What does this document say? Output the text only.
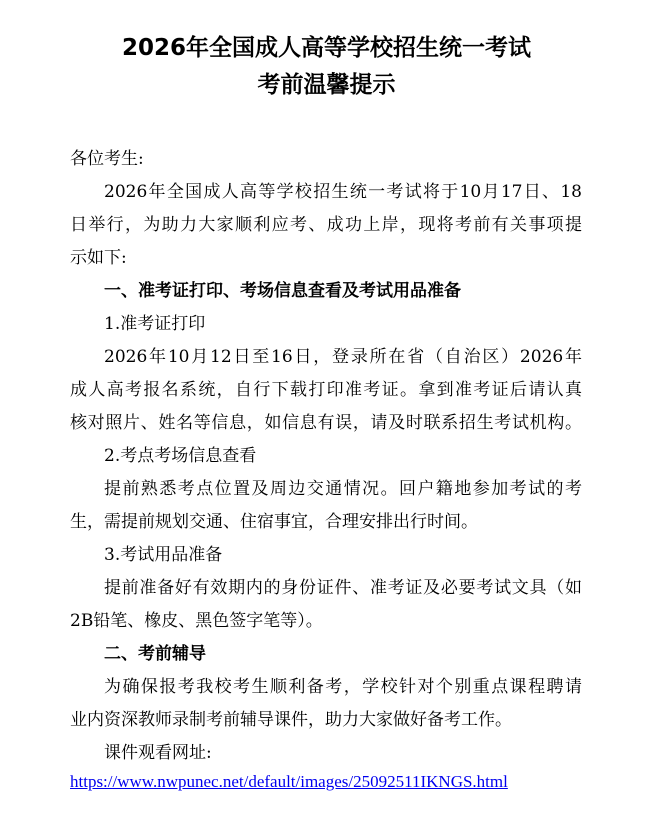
2026年全国成人高等学校招生统一考试
考前温馨提示
各位考生:
2026年全国成人高等学校招生统一考试将于10月17日、18
日举行，为助力大家顺利应考、成功上岸，现将考前有关事项提
示如下:
一、准考证打印、考场信息查看及考试用品准备
1.准考证打印
2026年10月12日至16日，登录所在省（自治区）2026年
成人高考报名系统，自行下载打印准考证。拿到准考证后请认真
核对照片、姓名等信息，如信息有误，请及时联系招生考试机构。
2.考点考场信息查看
提前熟悉考点位置及周边交通情况。回户籍地参加考试的考
生，需提前规划交通、住宿事宜，合理安排出行时间。
3.考试用品准备
提前准备好有效期内的身份证件、准考证及必要考试文具（如
2B铅笔、橡皮、黑色签字笔等）。
二、考前辅导
为确保报考我校考生顺利备考，学校针对个别重点课程聘请
业内资深教师录制考前辅导课件，助力大家做好备考工作。
课件观看网址:
https://www.nwpunec.net/default/images/25092511IKNGS.html
